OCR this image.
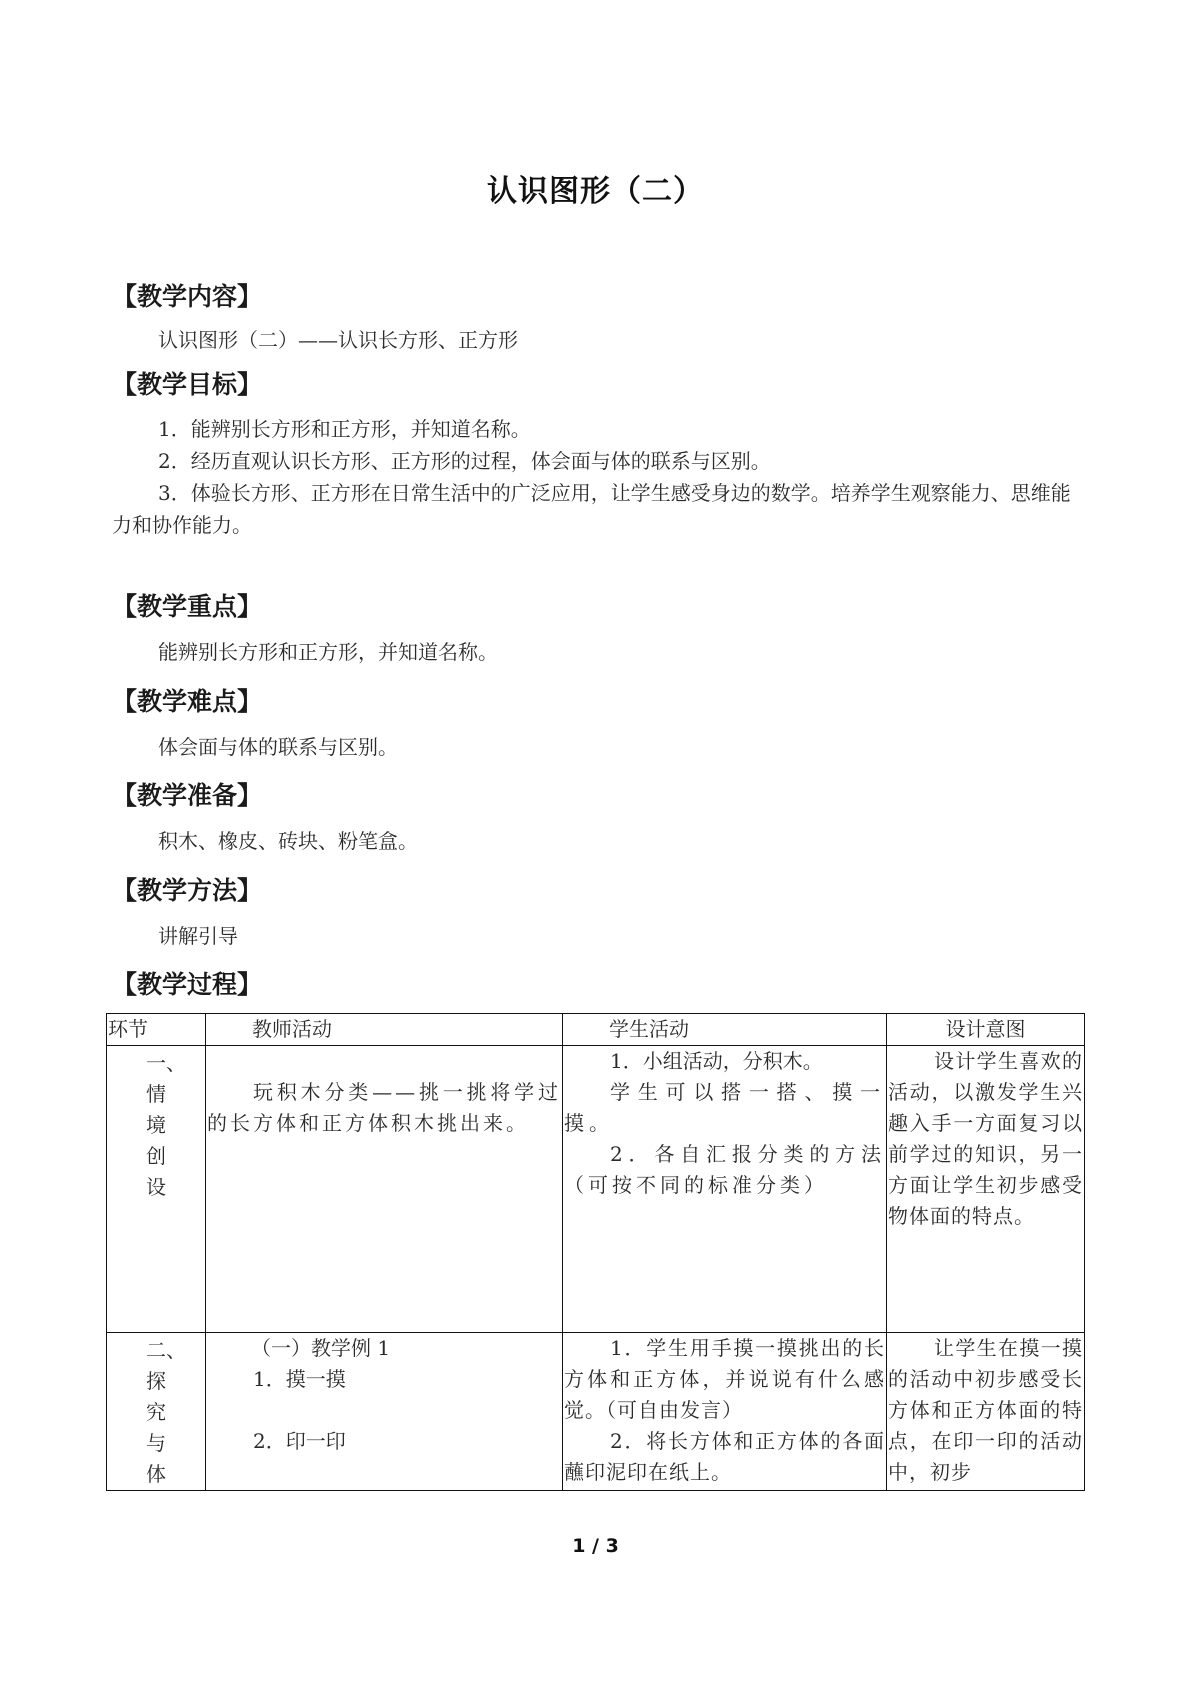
认识图形（二）
【教学内容】
认识图形（二）——认识长方形、正方形
【教学目标】
1．能辨别长方形和正方形，并知道名称。
2．经历直观认识长方形、正方形的过程，体会面与体的联系与区别。
3．体验长方形、正方形在日常生活中的广泛应用，让学生感受身边的数学。培养学生观察能力、思维能力和协作能力。
【教学重点】
能辨别长方形和正方形，并知道名称。
【教学难点】
体会面与体的联系与区别。
【教学准备】
积木、橡皮、砖块、粉笔盒。
【教学方法】
讲解引导
【教学过程】
环节	教师活动	学生活动	设计意图

一、
情
境
创
设	玩积木分类——挑一挑将学过的长方体和正方体积木挑出来。	1．小组活动，分积木。
学生可以搭一搭、摸一摸。
2．各自汇报分类的方法（可按不同的标准分类）	设计学生喜欢的活动，以激发学生兴趣入手一方面复习以前学过的知识，另一方面让学生初步感受物体面的特点。

二、
探
究
与
体	（一）教学例 1
1．摸一摸
2．印一印	1．学生用手摸一摸挑出的长方体和正方体，并说说有什么感觉。（可自由发言）
2．将长方体和正方体的各面蘸印泥印在纸上。	让学生在摸一摸的活动中初步感受长方体和正方体面的特点，在印一印的活动中，初步
1 / 3
